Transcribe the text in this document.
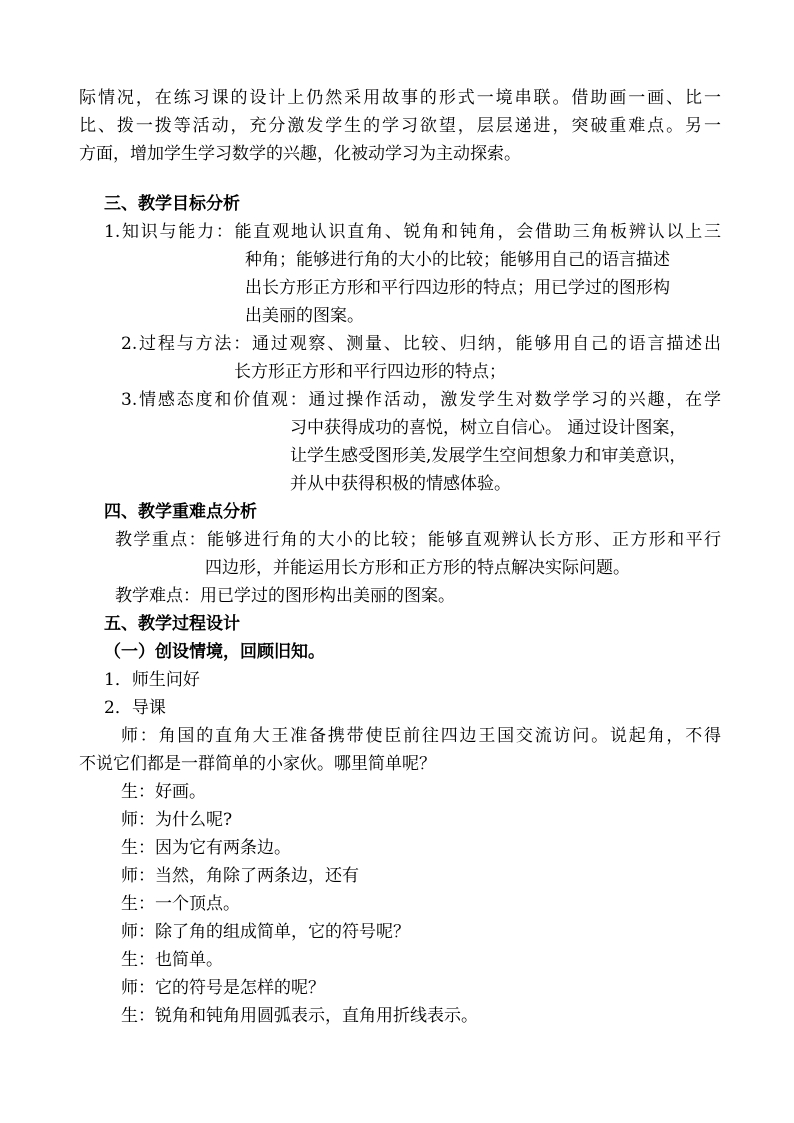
际情况，在练习课的设计上仍然采用故事的形式一境串联。借助画一画、比一
比、拨一拨等活动，充分激发学生的学习欲望，层层递进，突破重难点。另一
方面，增加学生学习数学的兴趣，化被动学习为主动探索。
三、教学目标分析
1.知识与能力：能直观地认识直角、锐角和钝角，会借助三角板辨认以上三
种角；能够进行角的大小的比较；能够用自己的语言描述
出长方形正方形和平行四边形的特点；用已学过的图形构
出美丽的图案。
2.过程与方法：通过观察、测量、比较、归纳，能够用自己的语言描述出
长方形正方形和平行四边形的特点；
3.情感态度和价值观：通过操作活动，激发学生对数学学习的兴趣，在学
习中获得成功的喜悦，树立自信心。 通过设计图案，
让学生感受图形美,发展学生空间想象力和审美意识，
并从中获得积极的情感体验。
四、教学重难点分析
教学重点：能够进行角的大小的比较；能够直观辨认长方形、正方形和平行
四边形，并能运用长方形和正方形的特点解决实际问题。
教学难点：用已学过的图形构出美丽的图案。
五、教学过程设计
（一）创设情境，回顾旧知。
1．师生问好
2．导课
师：角国的直角大王准备携带使臣前往四边王国交流访问。说起角，不得
不说它们都是一群简单的小家伙。哪里简单呢？
生：好画。
师：为什么呢?
生：因为它有两条边。
师：当然，角除了两条边，还有
生：一个顶点。
师：除了角的组成简单，它的符号呢？
生：也简单。
师：它的符号是怎样的呢？
生：锐角和钝角用圆弧表示，直角用折线表示。
